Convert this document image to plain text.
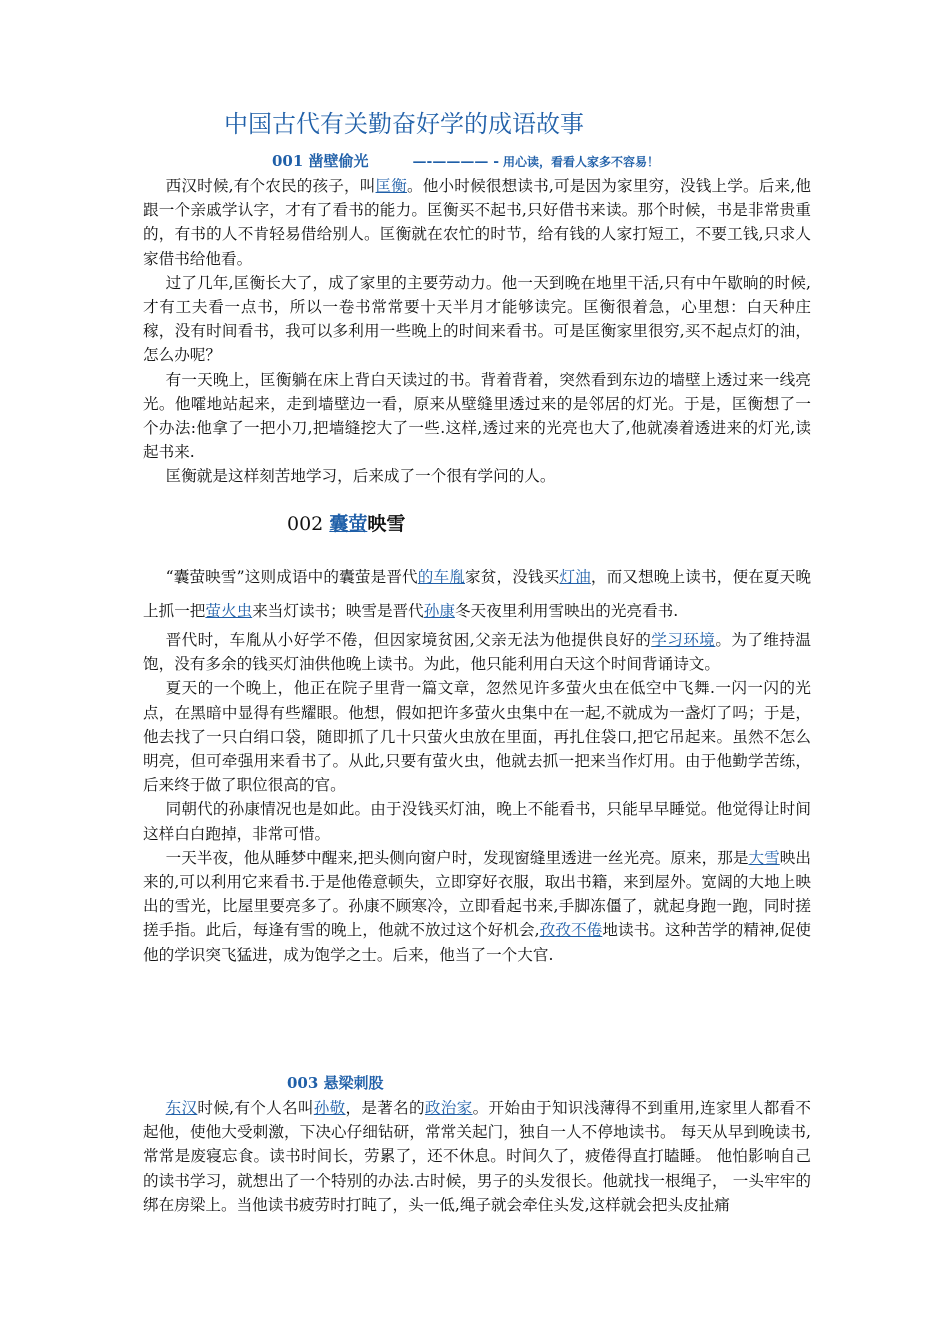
中国古代有关勤奋好学的成语故事
001 凿壁偷光	—-———— - 用心读，看看人家多不容易！

西汉时候,有个农民的孩子，叫匡衡。他小时候很想读书,可是因为家里穷，没钱上学。后来,他跟一个亲戚学认字，才有了看书的能力。匡衡买不起书,只好借书来读。那个时候，书是非常贵重的，有书的人不肯轻易借给别人。匡衡就在农忙的时节，给有钱的人家打短工，不要工钱,只求人家借书给他看。

过了几年,匡衡长大了，成了家里的主要劳动力。他一天到晚在地里干活,只有中午歇晌的时候,才有工夫看一点书，所以一卷书常常要十天半月才能够读完。匡衡很着急，心里想：白天种庄稼，没有时间看书，我可以多利用一些晚上的时间来看书。可是匡衡家里很穷,买不起点灯的油，怎么办呢？

有一天晚上，匡衡躺在床上背白天读过的书。背着背着，突然看到东边的墙壁上透过来一线亮光。他嚯地站起来，走到墙壁边一看，原来从壁缝里透过来的是邻居的灯光。于是，匡衡想了一个办法:他拿了一把小刀,把墙缝挖大了一些.这样,透过来的光亮也大了,他就凑着透进来的灯光,读起书来.

匡衡就是这样刻苦地学习，后来成了一个很有学问的人。

002 囊萤映雪

“囊萤映雪”这则成语中的囊萤是晋代的车胤家贫，没钱买灯油，而又想晚上读书，便在夏天晚上抓一把萤火虫来当灯读书；映雪是晋代孙康冬天夜里利用雪映出的光亮看书.

晋代时，车胤从小好学不倦，但因家境贫困,父亲无法为他提供良好的学习环境。为了维持温饱，没有多余的钱买灯油供他晚上读书。为此，他只能利用白天这个时间背诵诗文。

夏天的一个晚上，他正在院子里背一篇文章，忽然见许多萤火虫在低空中飞舞.一闪一闪的光点，在黑暗中显得有些耀眼。他想，假如把许多萤火虫集中在一起,不就成为一盏灯了吗；于是，他去找了一只白绢口袋，随即抓了几十只萤火虫放在里面，再扎住袋口,把它吊起来。虽然不怎么明亮，但可牵强用来看书了。从此,只要有萤火虫，他就去抓一把来当作灯用。由于他勤学苦练，后来终于做了职位很高的官。

同朝代的孙康情况也是如此。由于没钱买灯油，晚上不能看书，只能早早睡觉。他觉得让时间这样白白跑掉，非常可惜。

一天半夜，他从睡梦中醒来,把头侧向窗户时，发现窗缝里透进一丝光亮。原来，那是大雪映出来的,可以利用它来看书.于是他倦意顿失，立即穿好衣服，取出书籍，来到屋外。宽阔的大地上映出的雪光，比屋里要亮多了。孙康不顾寒冷，立即看起书来,手脚冻僵了，就起身跑一跑，同时搓搓手指。此后，每逢有雪的晚上，他就不放过这个好机会,孜孜不倦地读书。这种苦学的精神,促使他的学识突飞猛进，成为饱学之士。后来，他当了一个大官.

003 悬梁刺股

东汉时候,有个人名叫孙敬，是著名的政治家。开始由于知识浅薄得不到重用,连家里人都看不起他，使他大受刺激，下决心仔细钻研，常常关起门，独自一人不停地读书。 每天从早到晚读书,常常是废寝忘食。读书时间长，劳累了，还不休息。时间久了，疲倦得直打瞌睡。 他怕影响自己的读书学习，就想出了一个特别的办法.古时候，男子的头发很长。他就找一根绳子， 一头牢牢的绑在房梁上。当他读书疲劳时打盹了，头一低,绳子就会牵住头发,这样就会把头皮扯痛
